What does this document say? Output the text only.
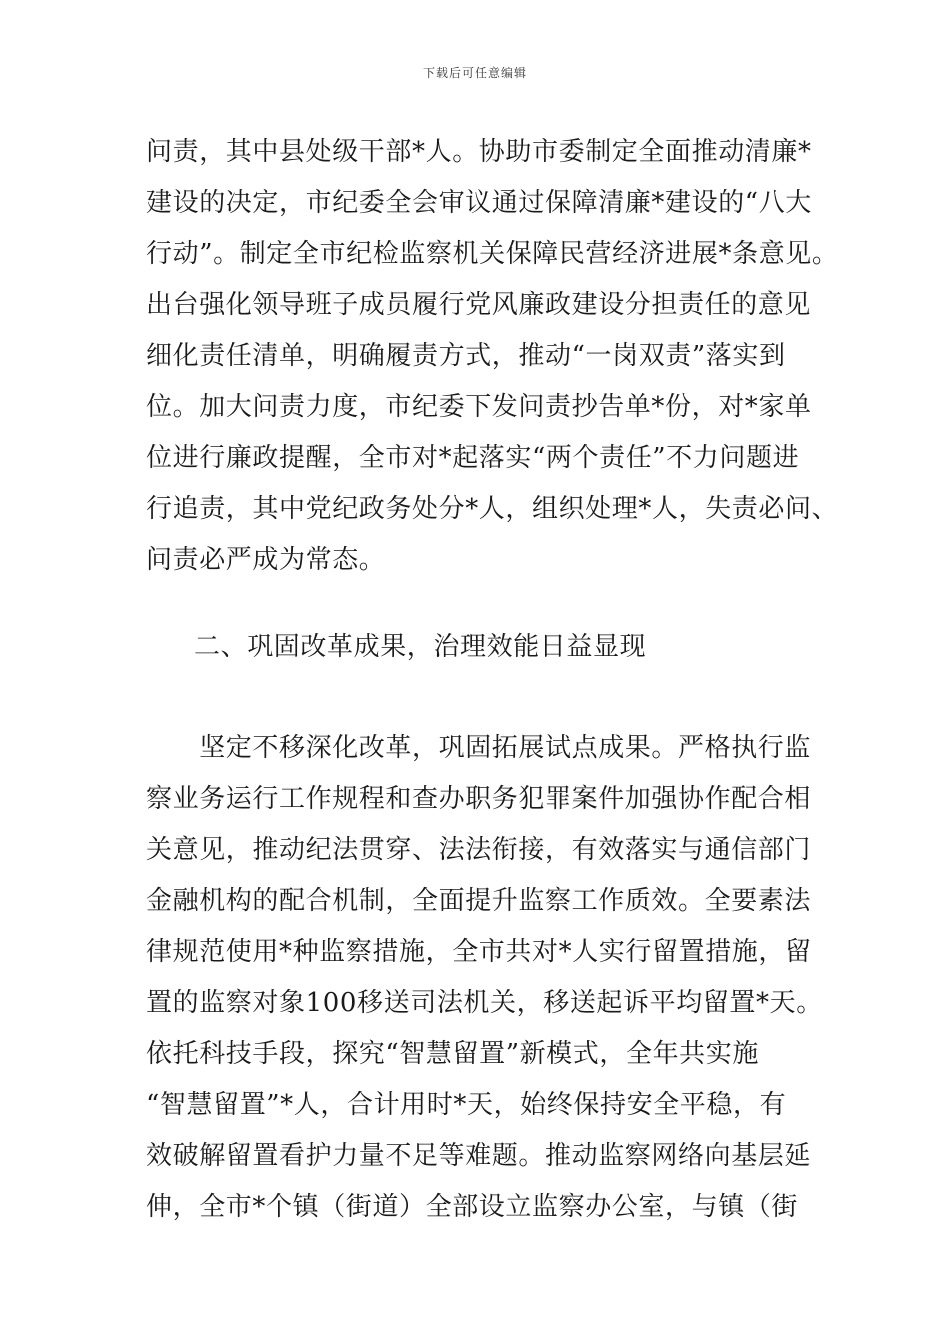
下载后可任意编辑
问责，其中县处级干部*人。协助市委制定全面推动清廉*
建设的决定，市纪委全会审议通过保障清廉*建设的“八大
行动”。制定全市纪检监察机关保障民营经济进展*条意见。
出台强化领导班子成员履行党风廉政建设分担责任的意见
细化责任清单，明确履责方式，推动“一岗双责”落实到
位。加大问责力度，市纪委下发问责抄告单*份，对*家单
位进行廉政提醒，全市对*起落实“两个责任”不力问题进
行追责，其中党纪政务处分*人，组织处理*人，失责必问、
问责必严成为常态。
二、巩固改革成果，治理效能日益显现
　　坚定不移深化改革，巩固拓展试点成果。严格执行监
察业务运行工作规程和查办职务犯罪案件加强协作配合相
关意见，推动纪法贯穿、法法衔接，有效落实与通信部门
金融机构的配合机制，全面提升监察工作质效。全要素法
律规范使用*种监察措施，全市共对*人实行留置措施，留
置的监察对象100移送司法机关，移送起诉平均留置*天。
依托科技手段，探究“智慧留置”新模式，全年共实施
“智慧留置”*人，合计用时*天，始终保持安全平稳，有
效破解留置看护力量不足等难题。推动监察网络向基层延
伸，全市*个镇（街道）全部设立监察办公室，与镇（街
